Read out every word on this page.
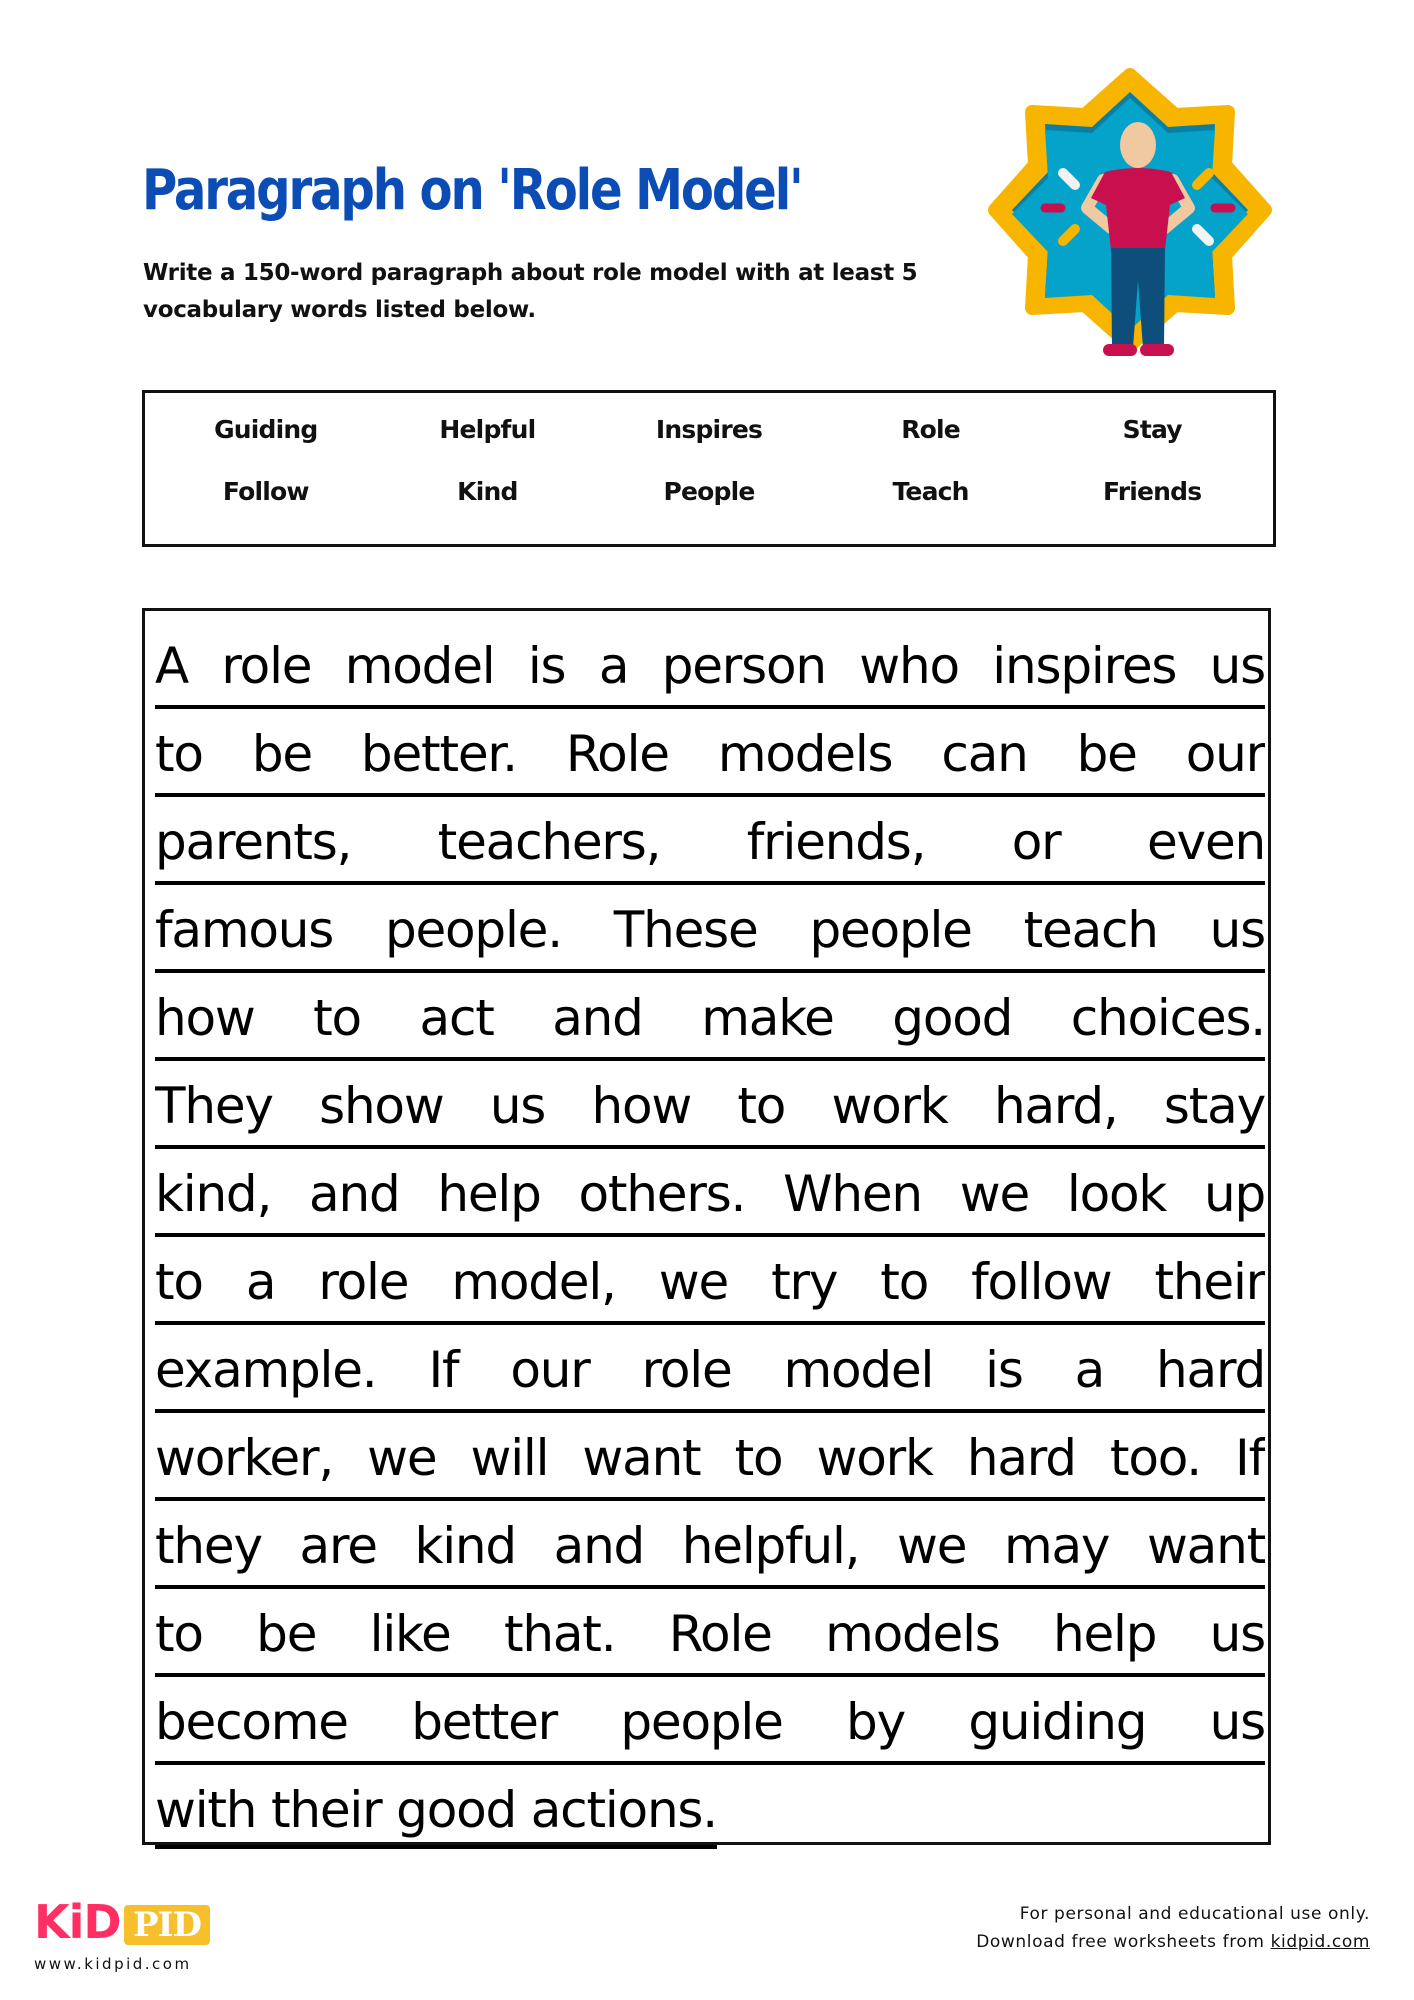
Paragraph on 'Role Model'

Write a 150-word paragraph about role model with at least 5 vocabulary words listed below.

Guiding	Helpful	Inspires	Role	Stay
Follow	Kind	People	Teach	Friends
A role model is a person who inspires us
to be better. Role models can be our
parents, teachers, friends, or even
famous people. These people teach us
how to act and make good choices.
They show us how to work hard, stay
kind, and help others. When we look up
to a role model, we try to follow their
example. If our role model is a hard
worker, we will want to work hard too. If
they are kind and helpful, we may want
to be like that. Role models help us
become better people by guiding us
with their good actions.
KiD PID
www.kidpid.com
For personal and educational use only.
Download free worksheets from kidpid.com
